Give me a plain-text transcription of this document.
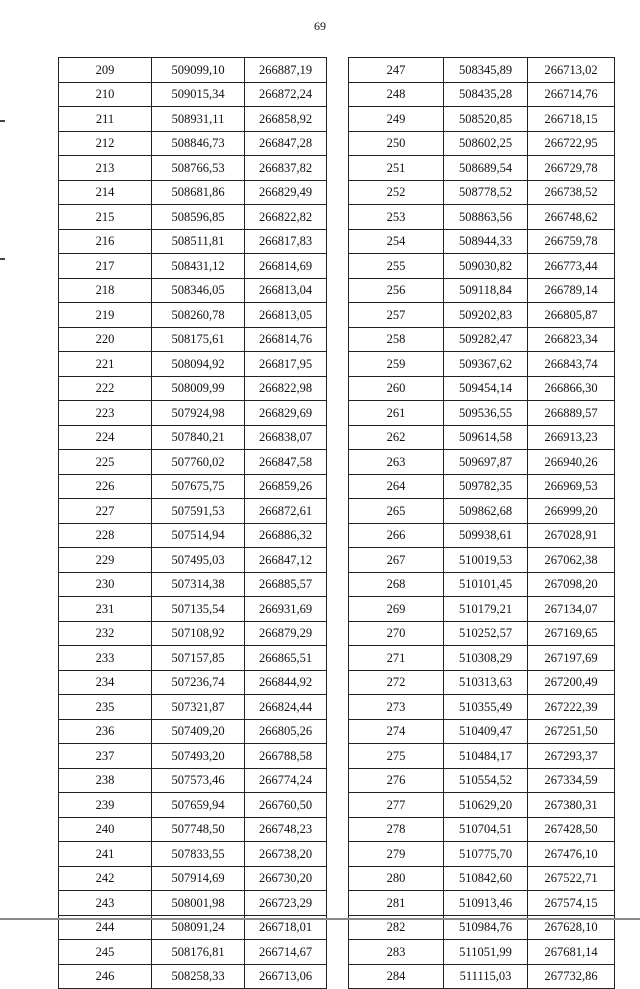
69
209	509099,10	266887,19
210	509015,34	266872,24
211	508931,11	266858,92
212	508846,73	266847,28
213	508766,53	266837,82
214	508681,86	266829,49
215	508596,85	266822,82
216	508511,81	266817,83
217	508431,12	266814,69
218	508346,05	266813,04
219	508260,78	266813,05
220	508175,61	266814,76
221	508094,92	266817,95
222	508009,99	266822,98
223	507924,98	266829,69
224	507840,21	266838,07
225	507760,02	266847,58
226	507675,75	266859,26
227	507591,53	266872,61
228	507514,94	266886,32
229	507495,03	266847,12
230	507314,38	266885,57
231	507135,54	266931,69
232	507108,92	266879,29
233	507157,85	266865,51
234	507236,74	266844,92
235	507321,87	266824,44
236	507409,20	266805,26
237	507493,20	266788,58
238	507573,46	266774,24
239	507659,94	266760,50
240	507748,50	266748,23
241	507833,55	266738,20
242	507914,69	266730,20
243	508001,98	266723,29
244	508091,24	266718,01
245	508176,81	266714,67
246	508258,33	266713,06
247	508345,89	266713,02
248	508435,28	266714,76
249	508520,85	266718,15
250	508602,25	266722,95
251	508689,54	266729,78
252	508778,52	266738,52
253	508863,56	266748,62
254	508944,33	266759,78
255	509030,82	266773,44
256	509118,84	266789,14
257	509202,83	266805,87
258	509282,47	266823,34
259	509367,62	266843,74
260	509454,14	266866,30
261	509536,55	266889,57
262	509614,58	266913,23
263	509697,87	266940,26
264	509782,35	266969,53
265	509862,68	266999,20
266	509938,61	267028,91
267	510019,53	267062,38
268	510101,45	267098,20
269	510179,21	267134,07
270	510252,57	267169,65
271	510308,29	267197,69
272	510313,63	267200,49
273	510355,49	267222,39
274	510409,47	267251,50
275	510484,17	267293,37
276	510554,52	267334,59
277	510629,20	267380,31
278	510704,51	267428,50
279	510775,70	267476,10
280	510842,60	267522,71
281	510913,46	267574,15
282	510984,76	267628,10
283	511051,99	267681,14
284	511115,03	267732,86
